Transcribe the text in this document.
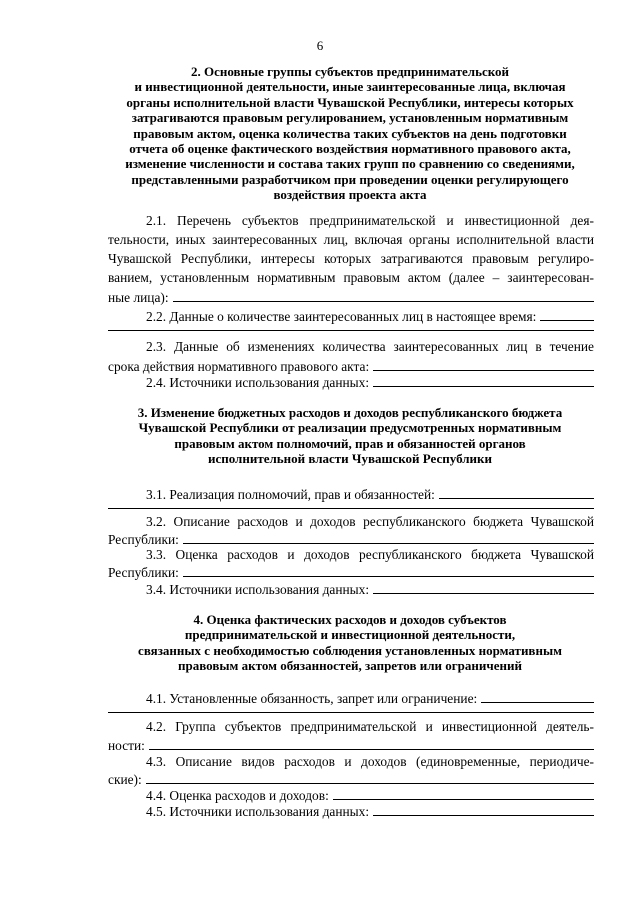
6
2. Основные группы субъектов предпринимательской
и инвестиционной деятельности, иные заинтересованные лица, включая
органы исполнительной власти Чувашской Республики, интересы которых
затрагиваются правовым регулированием, установленным нормативным
правовым актом, оценка количества таких субъектов на день подготовки
отчета об оценке фактического воздействия нормативного правового акта,
изменение численности и состава таких групп по сравнению со сведениями,
представленными разработчиком при проведении оценки регулирующего
воздействия проекта акта
2.1. Перечень субъектов предпринимательской и инвестиционной дея-
тельности, иных заинтересованных лиц, включая органы исполнительной власти
Чувашской Республики, интересы которых затрагиваются правовым регулиро-
ванием, установленным нормативным правовым актом (далее – заинтересован-
ные лица):
2.2. Данные о количестве заинтересованных лиц в настоящее время:
2.3. Данные об изменениях количества заинтересованных лиц в течение
срока действия нормативного правового акта:
2.4. Источники использования данных:
3. Изменение бюджетных расходов и доходов республиканского бюджета
Чувашской Республики от реализации предусмотренных нормативным
правовым актом полномочий, прав и обязанностей органов
исполнительной власти Чувашской Республики
3.1. Реализация полномочий, прав и обязанностей:
3.2. Описание расходов и доходов республиканского бюджета Чувашской
Республики:
3.3. Оценка расходов и доходов республиканского бюджета Чувашской
Республики:
3.4. Источники использования данных:
4. Оценка фактических расходов и доходов субъектов
предпринимательской и инвестиционной деятельности,
связанных с необходимостью соблюдения установленных нормативным
правовым актом обязанностей, запретов или ограничений
4.1. Установленные обязанность, запрет или ограничение:
4.2. Группа субъектов предпринимательской и инвестиционной деятель-
ности:
4.3. Описание видов расходов и доходов (единовременные, периодиче-
ские):
4.4. Оценка расходов и доходов:
4.5. Источники использования данных:
